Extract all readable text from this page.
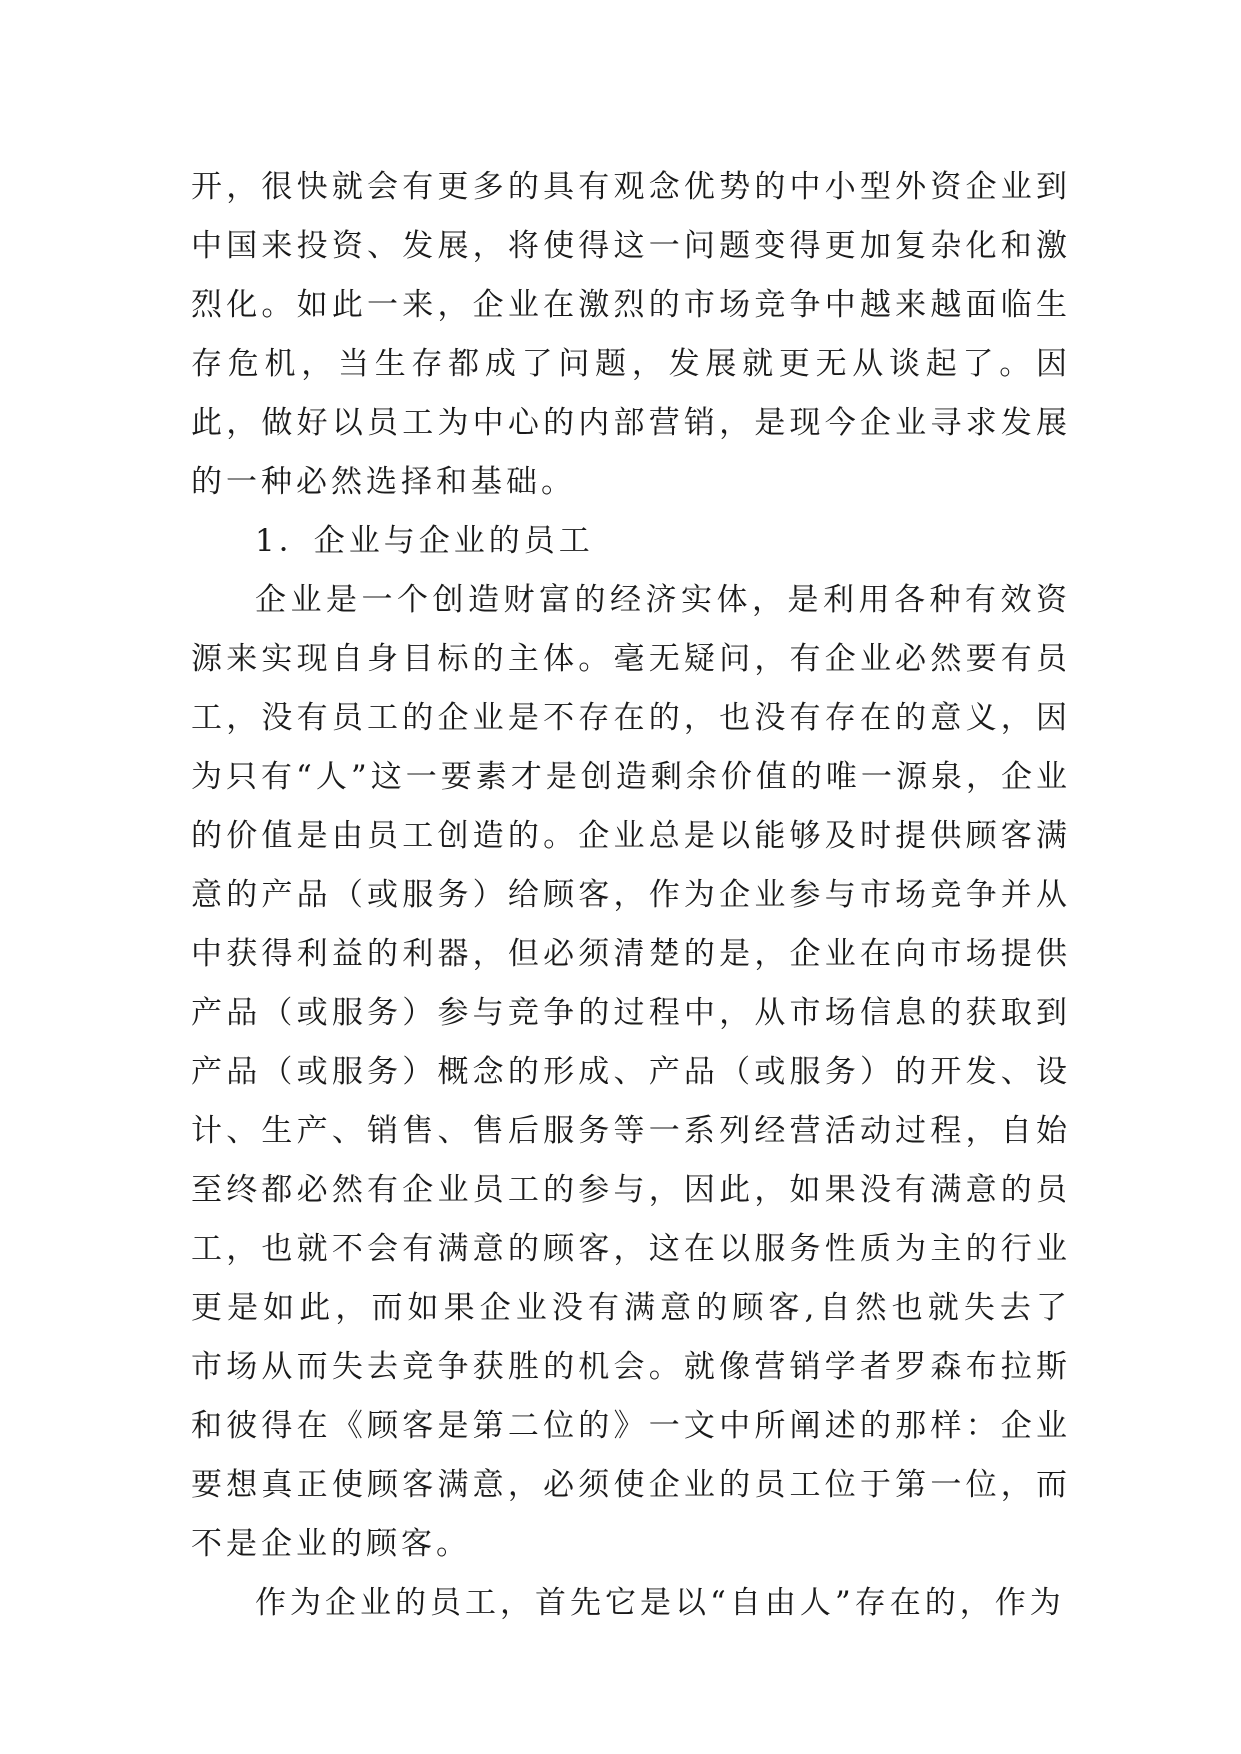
开，很快就会有更多的具有观念优势的中小型外资企业到中国来投资、发展，将使得这一问题变得更加复杂化和激烈化。如此一来，企业在激烈的市场竞争中越来越面临生存危机，当生存都成了问题，发展就更无从谈起了。因此，做好以员工为中心的内部营销，是现今企业寻求发展的一种必然选择和基础。

1．企业与企业的员工

企业是一个创造财富的经济实体，是利用各种有效资源来实现自身目标的主体。毫无疑问，有企业必然要有员工，没有员工的企业是不存在的，也没有存在的意义，因为只有“人”这一要素才是创造剩余价值的唯一源泉，企业的价值是由员工创造的。企业总是以能够及时提供顾客满意的产品（或服务）给顾客，作为企业参与市场竞争并从中获得利益的利器，但必须清楚的是，企业在向市场提供产品（或服务）参与竞争的过程中，从市场信息的获取到产品（或服务）概念的形成、产品（或服务）的开发、设计、生产、销售、售后服务等一系列经营活动过程，自始至终都必然有企业员工的参与，因此，如果没有满意的员工，也就不会有满意的顾客，这在以服务性质为主的行业更是如此，而如果企业没有满意的顾客,自然也就失去了市场从而失去竞争获胜的机会。就像营销学者罗森布拉斯和彼得在《顾客是第二位的》一文中所阐述的那样：企业要想真正使顾客满意，必须使企业的员工位于第一位，而不是企业的顾客。

作为企业的员工，首先它是以“自由人”存在的，作为
